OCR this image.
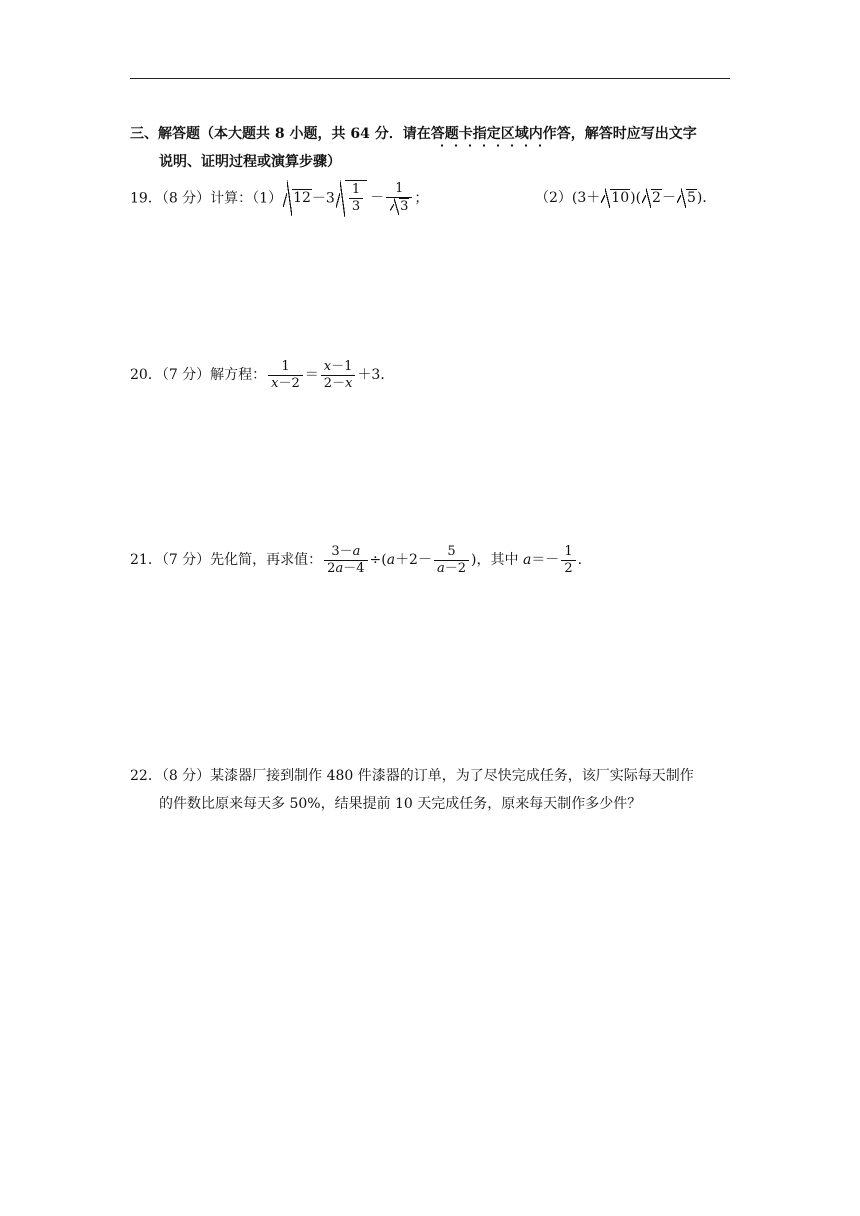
三、解答题（本大题共 8 小题，共 64 分．请在答题卡指定区域内作答，解答时应写出文字
说明、证明过程或演算步骤）
19．（8 分）计算：（1） $12-3 \frac{1}{3} - \frac{1}{3}$ ；	（2）(3＋ 10)( 2－ 5)．
20．（7 分）解方程： $\frac{1}{x-2} = \frac{x-1}{2-x} +3$．
21．（7 分）先化简，再求值： $\frac{3-a}{2a-4} \div(a+2- \frac{5}{a-2}$ )，其中 $a=- \frac{1}{2}$ .
22．（8 分）某漆器厂接到制作 480 件漆器的订单，为了尽快完成任务，该厂实际每天制作
的件数比原来每天多 50%，结果提前 10 天完成任务，原来每天制作多少件？
